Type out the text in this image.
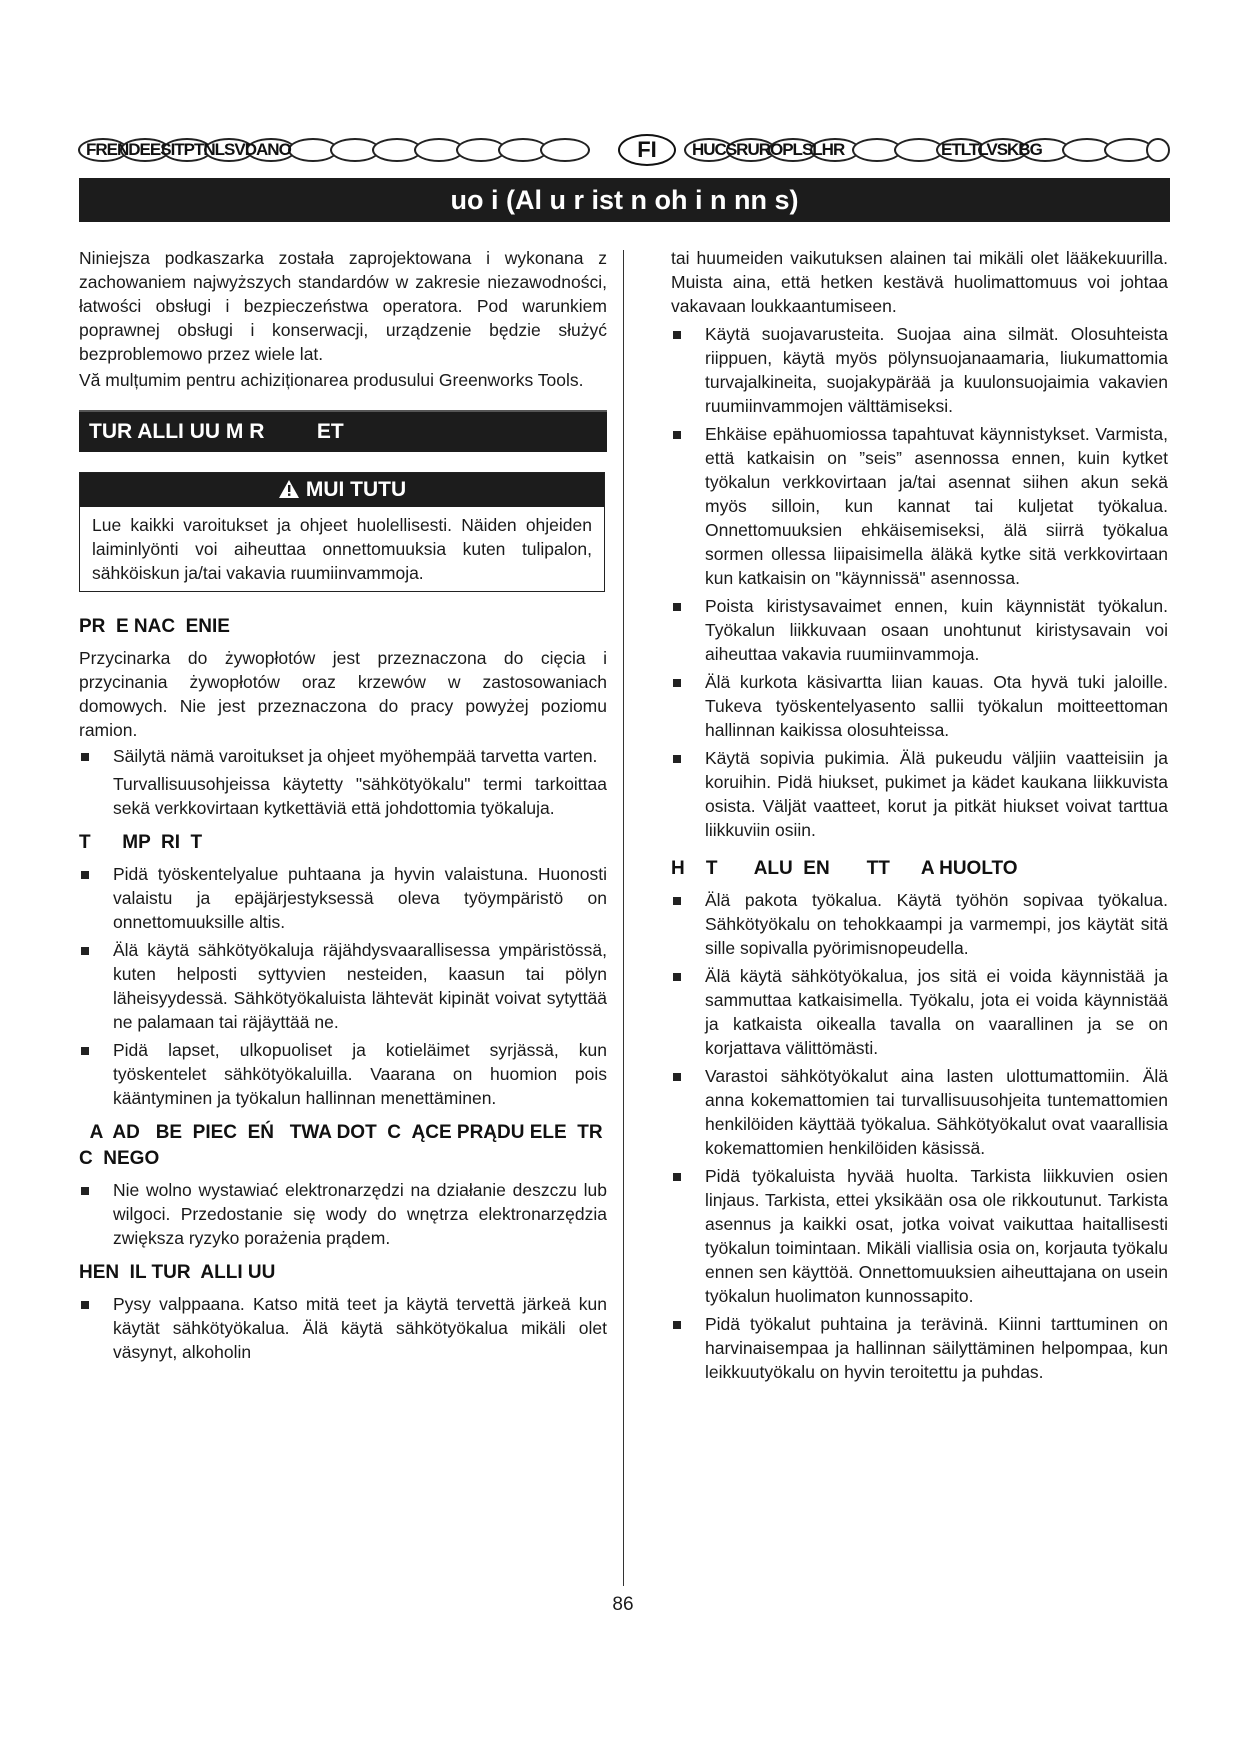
FRENDEESITPTNLSVDANO	FI	HUCSRUROPLSLHR	ETLTLVSKBG
uo i (Al u r ist n oh i n nn s)

Niniejsza podkaszarka została zaprojektowana i wykonana z zachowaniem najwyższych standardów w zakresie niezawodności, łatwości obsługi i bezpieczeństwa operatora. Pod warunkiem poprawnej obsługi i konserwacji, urządzenie będzie służyć bezproblemowo przez wiele lat.

Vă mulțumim pentru achiziționarea produsului Greenworks Tools.

TUR ALLI UU M R         ET
MUI TUTU
Lue kaikki varoitukset ja ohjeet huolellisesti. Näiden ohjeiden laiminlyönti voi aiheuttaa onnettomuuksia kuten tulipalon, sähköiskun ja/tai vakavia ruumiinvammoja.
PR  E NAC  ENIE

Przycinarka do żywopłotów jest przeznaczona do cięcia i przycinania żywopłotów oraz krzewów w zastosowaniach domowych. Nie jest przeznaczona do pracy powyżej poziomu ramion.

Säilytä nämä varoitukset ja ohjeet myöhempää tarvetta varten.

Turvallisuusohjeissa käytetty "sähkötyökalu" termi tarkoittaa sekä verkkovirtaan kytkettäviä että johdottomia työkaluja.

T      MP  RI  T
Pidä työskentelyalue puhtaana ja hyvin valaistuna. Huonosti valaistu ja epäjärjestyksessä oleva työympäristö on onnettomuuksille altis.
Älä käytä sähkötyökaluja räjähdysvaarallisessa ympäristössä, kuten helposti syttyvien nesteiden, kaasun tai pölyn läheisyydessä. Sähkötyökaluista lähtevät kipinät voivat sytyttää ne palamaan tai räjäyttää ne.
Pidä lapset, ulkopuoliset ja kotieläimet syrjässä, kun työskentelet sähkötyökaluilla. Vaarana on huomion pois kääntyminen ja työkalun hallinnan menettäminen.
A  AD   BE  PIEC  EŃ   TWA DOT  C  ĄCE PRĄDU ELE  TR  C  NEGO
Nie wolno wystawiać elektronarzędzi na działanie deszczu lub wilgoci. Przedostanie się wody do wnętrza elektronarzędzia zwiększa ryzyko porażenia prądem.
HEN  IL TUR  ALLI UU
Pysy valppaana. Katso mitä teet ja käytä tervettä järkeä kun käytät sähkötyökalua. Älä käytä sähkötyökalua mikäli olet väsynyt, alkoholin

tai huumeiden vaikutuksen alainen tai mikäli olet lääkekuurilla. Muista aina, että hetken kestävä huolimattomuus voi johtaa vakavaan loukkaantumiseen.

Käytä suojavarusteita. Suojaa aina silmät. Olosuhteista riippuen, käytä myös pölynsuojanaamaria, liukumattomia turvajalkineita, suojakypärää ja kuulonsuojaimia vakavien ruumiinvammojen välttämiseksi.
Ehkäise epähuomiossa tapahtuvat käynnistykset. Varmista, että katkaisin on ”seis” asennossa ennen, kuin kytket työkalun verkkovirtaan ja/tai asennat siihen akun sekä myös silloin, kun kannat tai kuljetat työkalua. Onnettomuuksien ehkäisemiseksi, älä siirrä työkalua sormen ollessa liipaisimella äläkä kytke sitä verkkovirtaan kun katkaisin on "käynnissä" asennossa.
Poista kiristysavaimet ennen, kuin käynnistät työkalun. Työkalun liikkuvaan osaan unohtunut kiristysavain voi aiheuttaa vakavia ruumiinvammoja.
Älä kurkota käsivartta liian kauas. Ota hyvä tuki jaloille. Tukeva työskentelyasento sallii työkalun moitteettoman hallinnan kaikissa olosuhteissa.
Käytä sopivia pukimia. Älä pukeudu väljiin vaatteisiin ja koruihin. Pidä hiukset, pukimet ja kädet kaukana liikkuvista osista. Väljät vaatteet, korut ja pitkät hiukset voivat tarttua liikkuviin osiin.
H    T       ALU  EN       TT      A HUOLTO
Älä pakota työkalua. Käytä työhön sopivaa työkalua. Sähkötyökalu on tehokkaampi ja varmempi, jos käytät sitä sille sopivalla pyörimisnopeudella.
Älä käytä sähkötyökalua, jos sitä ei voida käynnistää ja sammuttaa katkaisimella. Työkalu, jota ei voida käynnistää ja katkaista oikealla tavalla on vaarallinen ja se on korjattava välittömästi.
Varastoi sähkötyökalut aina lasten ulottumattomiin. Älä anna kokemattomien tai turvallisuusohjeita tuntemattomien henkilöiden käyttää työkalua. Sähkötyökalut ovat vaarallisia kokemattomien henkilöiden käsissä.
Pidä työkaluista hyvää huolta. Tarkista liikkuvien osien linjaus. Tarkista, ettei yksikään osa ole rikkoutunut. Tarkista asennus ja kaikki osat, jotka voivat vaikuttaa haitallisesti työkalun toimintaan. Mikäli viallisia osia on, korjauta työkalu ennen sen käyttöä. Onnettomuuksien aiheuttajana on usein työkalun huolimaton kunnossapito.
Pidä työkalut puhtaina ja terävinä. Kiinni tarttuminen on harvinaisempaa ja hallinnan säilyttäminen helpompaa, kun leikkuutyökalu on hyvin teroitettu ja puhdas.
86
